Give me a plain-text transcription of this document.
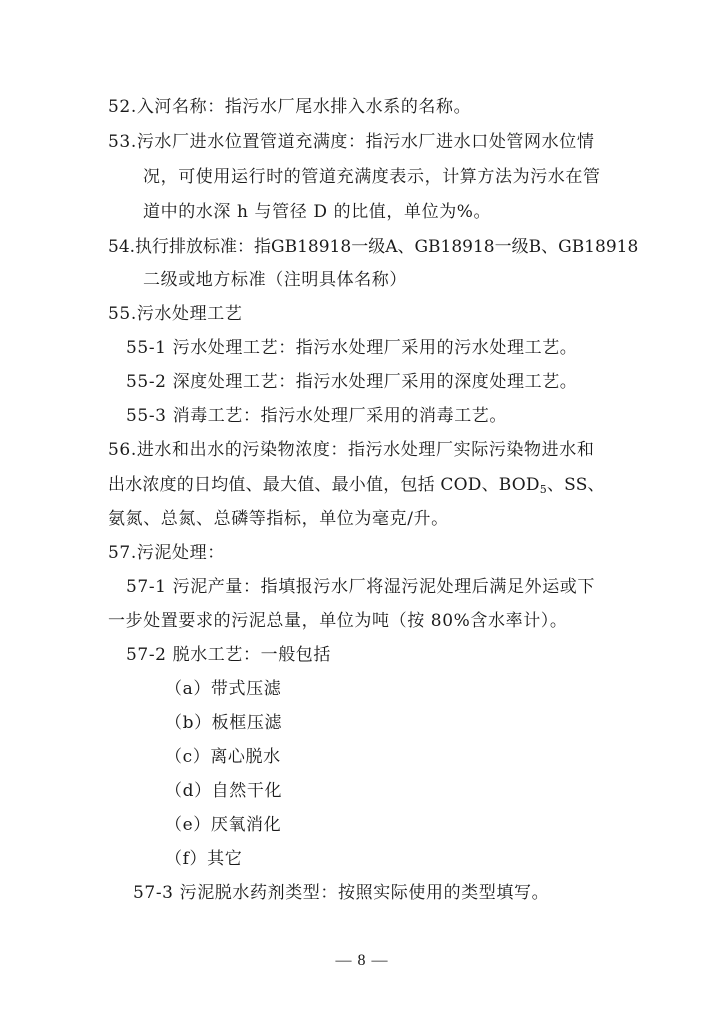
52.入河名称：指污水厂尾水排入水系的名称。
53.污水厂进水位置管道充满度：指污水厂进水口处管网水位情
况，可使用运行时的管道充满度表示，计算方法为污水在管
道中的水深 h 与管径 D 的比值，单位为%。
54.执行排放标准：指GB18918一级A、GB18918一级B、GB18918
二级或地方标准（注明具体名称）
55.污水处理工艺
55-1 污水处理工艺：指污水处理厂采用的污水处理工艺。
55-2 深度处理工艺：指污水处理厂采用的深度处理工艺。
55-3 消毒工艺：指污水处理厂采用的消毒工艺。
56.进水和出水的污染物浓度：指污水处理厂实际污染物进水和
出水浓度的日均值、最大值、最小值，包括 COD、$BOD_5$、SS、
氨氮、总氮、总磷等指标，单位为毫克/升。
57.污泥处理：
57-1 污泥产量：指填报污水厂将湿污泥处理后满足外运或下
一步处置要求的污泥总量，单位为吨（按 80%含水率计）。
57-2 脱水工艺：一般包括
（a）带式压滤
（b）板框压滤
（c）离心脱水
（d）自然干化
（e）厌氧消化
（f）其它
57-3 污泥脱水药剂类型：按照实际使用的类型填写。
— 8 —
